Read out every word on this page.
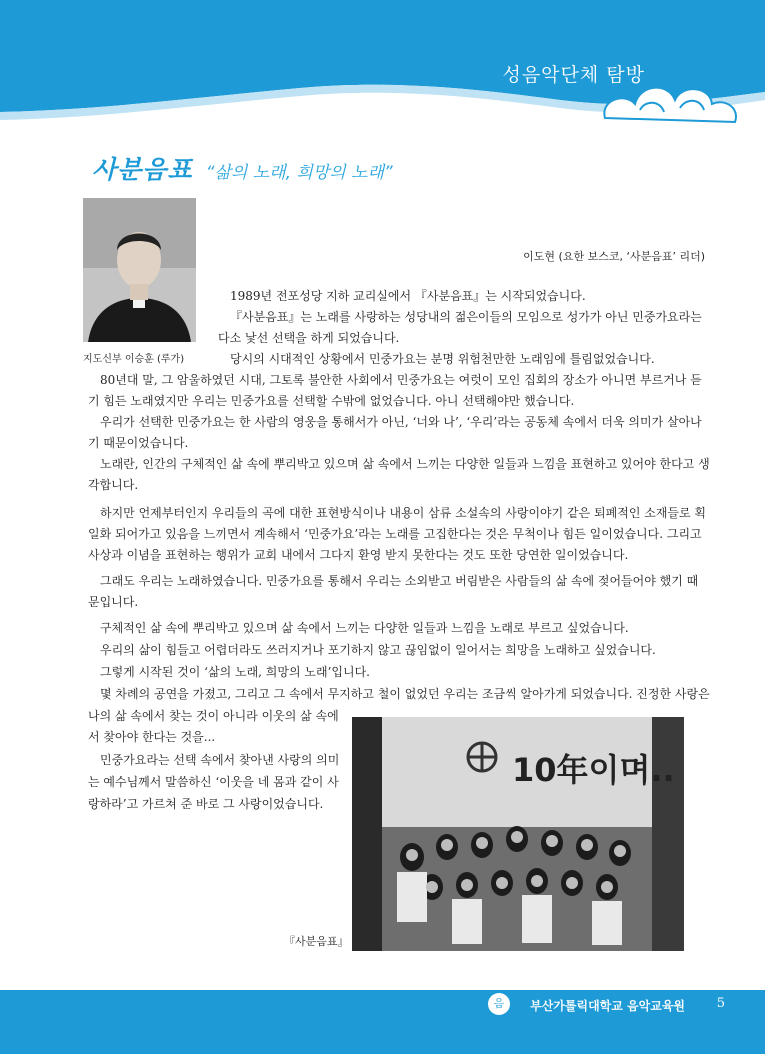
성음악단체 탐방
사분음표 “삶의 노래, 희망의 노래”
지도신부 이승훈 (루가)
이도현 (요한 보스코, ‘사분음표’ 리더)

1989년 전포성당 지하 교리실에서 『사분음표』는 시작되었습니다.

『사분음표』는 노래를 사랑하는 성당내의 젊은이들의 모임으로 성가가 아닌 민중가요라는

다소 낯선 선택을 하게 되었습니다.

당시의 시대적인 상황에서 민중가요는 분명 위험천만한 노래임에 틀림없었습니다.

80년대 말, 그 암울하였던 시대, 그토록 불안한 사회에서 민중가요는 여럿이 모인 집회의 장소가 아니면 부르거나 듣

기 힘든 노래였지만 우리는 민중가요를 선택할 수밖에 없었습니다. 아니 선택해야만 했습니다.

우리가 선택한 민중가요는 한 사람의 영웅을 통해서가 아닌, ‘너와 나’, ‘우리’라는 공동체 속에서 더욱 의미가 살아나

기 때문이었습니다.

노래란, 인간의 구체적인 삶 속에 뿌리박고 있으며 삶 속에서 느끼는 다양한 일들과 느낌을 표현하고 있어야 한다고 생

각합니다.

하지만 언제부터인지 우리들의 곡에 대한 표현방식이나 내용이 삼류 소설속의 사랑이야기 같은 퇴폐적인 소재들로 획

일화 되어가고 있음을 느끼면서 계속해서 ‘민중가요’라는 노래를 고집한다는 것은 무척이나 힘든 일이었습니다. 그리고

사상과 이념을 표현하는 행위가 교회 내에서 그다지 환영 받지 못한다는 것도 또한 당연한 일이었습니다.

그래도 우리는 노래하였습니다. 민중가요를 통해서 우리는 소외받고 버림받은 사람들의 삶 속에 젖어들어야 했기 때

문입니다.

구체적인 삶 속에 뿌리박고 있으며 삶 속에서 느끼는 다양한 일들과 느낌을 노래로 부르고 싶었습니다.

우리의 삶이 힘들고 어렵더라도 쓰러지거나 포기하지 않고 끊임없이 일어서는 희망을 노래하고 싶었습니다.

그렇게 시작된 것이 ‘삶의 노래, 희망의 노래’입니다.

몇 차례의 공연을 가졌고, 그리고 그 속에서 무지하고 철이 없었던 우리는 조금씩 알아가게 되었습니다. 진정한 사랑은

나의 삶 속에서 찾는 것이 아니라 이웃의 삶 속에

서 찾아야 한다는 것을...

민중가요라는 선택 속에서 찾아낸 사랑의 의미

는 예수님께서 말씀하신 ‘이웃을 네 몸과 같이 사

랑하라’고 가르쳐 준 바로 그 사랑이었습니다.

10年이며..
『사분음표』
음	부산가톨릭대학교 음악교육원 5
